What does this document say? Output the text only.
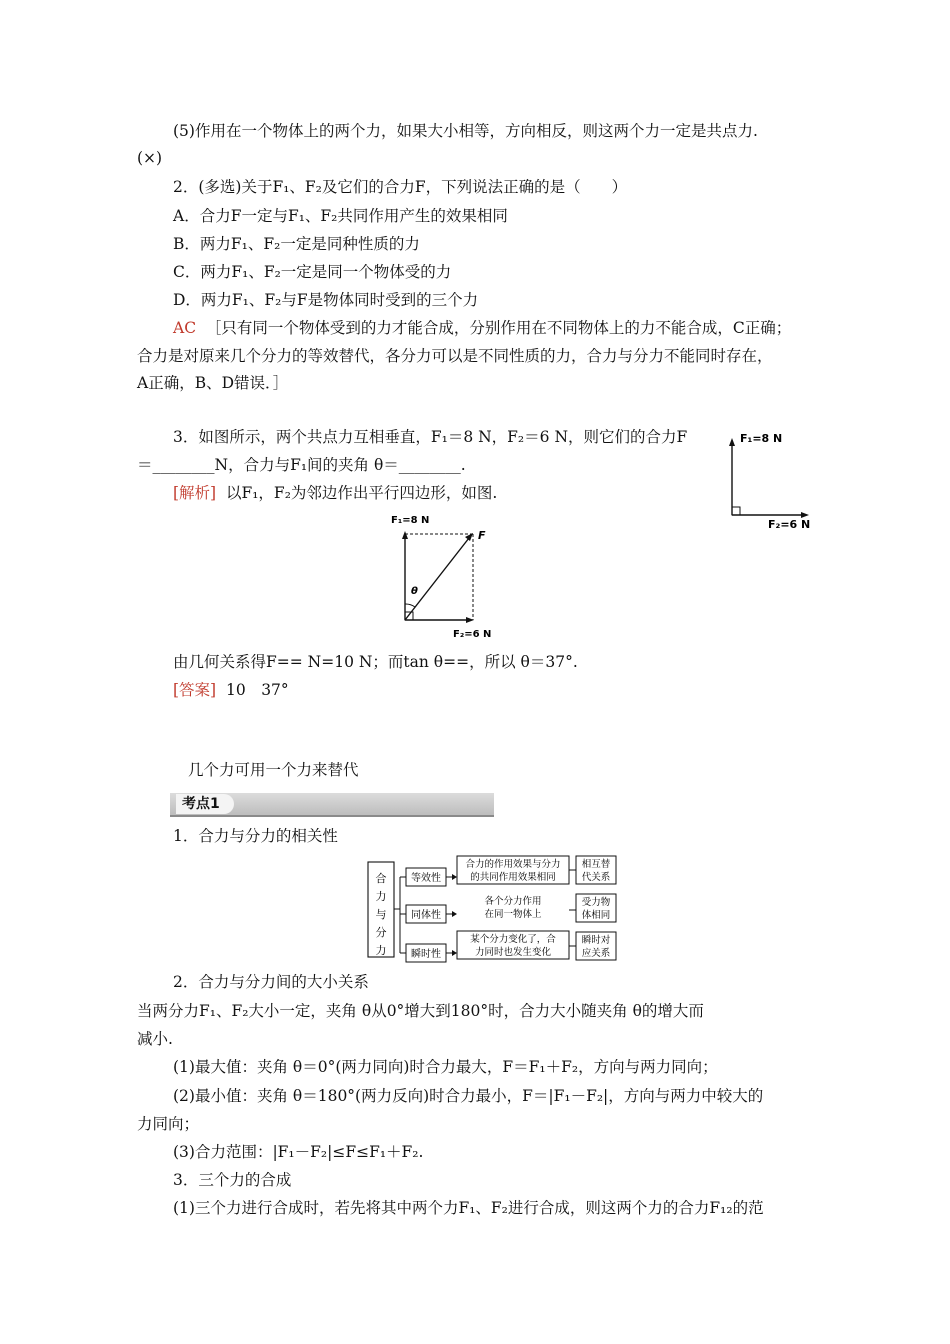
(5)作用在一个物体上的两个力，如果大小相等，方向相反，则这两个力一定是共点力.
(×)
2．(多选)关于F₁、F₂及它们的合力F，下列说法正确的是（　　）
A．合力F一定与F₁、F₂共同作用产生的效果相同
B．两力F₁、F₂一定是同种性质的力
C．两力F₁、F₂一定是同一个物体受的力
D．两力F₁、F₂与F是物体同时受到的三个力
AC ［只有同一个物体受到的力才能合成，分别作用在不同物体上的力不能合成，C正确；
合力是对原来几个分力的等效替代，各分力可以是不同性质的力，合力与分力不能同时存在，
A正确，B、D错误．］
3．如图所示，两个共点力互相垂直，F₁＝8 N，F₂＝6 N，则它们的合力F
＝________N，合力与F₁间的夹角 θ＝________.
[解析] 以F₁，F₂为邻边作出平行四边形，如图.
F₁=8 N
F₂=6 N
F₁=8 N
F
θ
F₂=6 N
由几何关系得F== N=10 N；而tan θ==，所以 θ＝37°.
[答案] 10　37°
几个力可用一个力来替代
考点1
1．合力与分力的相关性
合
力
与
分
力
等效性
合力的作用效果与分力
的共同作用效果相同
相互替
代关系
同体性
各个分力作用
在同一物体上
受力物
体相同
瞬时性
某个分力变化了，合
力同时也发生变化
瞬时对
应关系
2．合力与分力间的大小关系
当两分力F₁、F₂大小一定，夹角 θ从0°增大到180°时，合力大小随夹角 θ的增大而
减小.
(1)最大值：夹角 θ＝0°(两力同向)时合力最大，F＝F₁＋F₂，方向与两力同向；
(2)最小值：夹角 θ＝180°(两力反向)时合力最小，F＝|F₁－F₂|，方向与两力中较大的
力同向；
(3)合力范围：|F₁－F₂|≤F≤F₁＋F₂.
3．三个力的合成
(1)三个力进行合成时，若先将其中两个力F₁、F₂进行合成，则这两个力的合力F₁₂的范
